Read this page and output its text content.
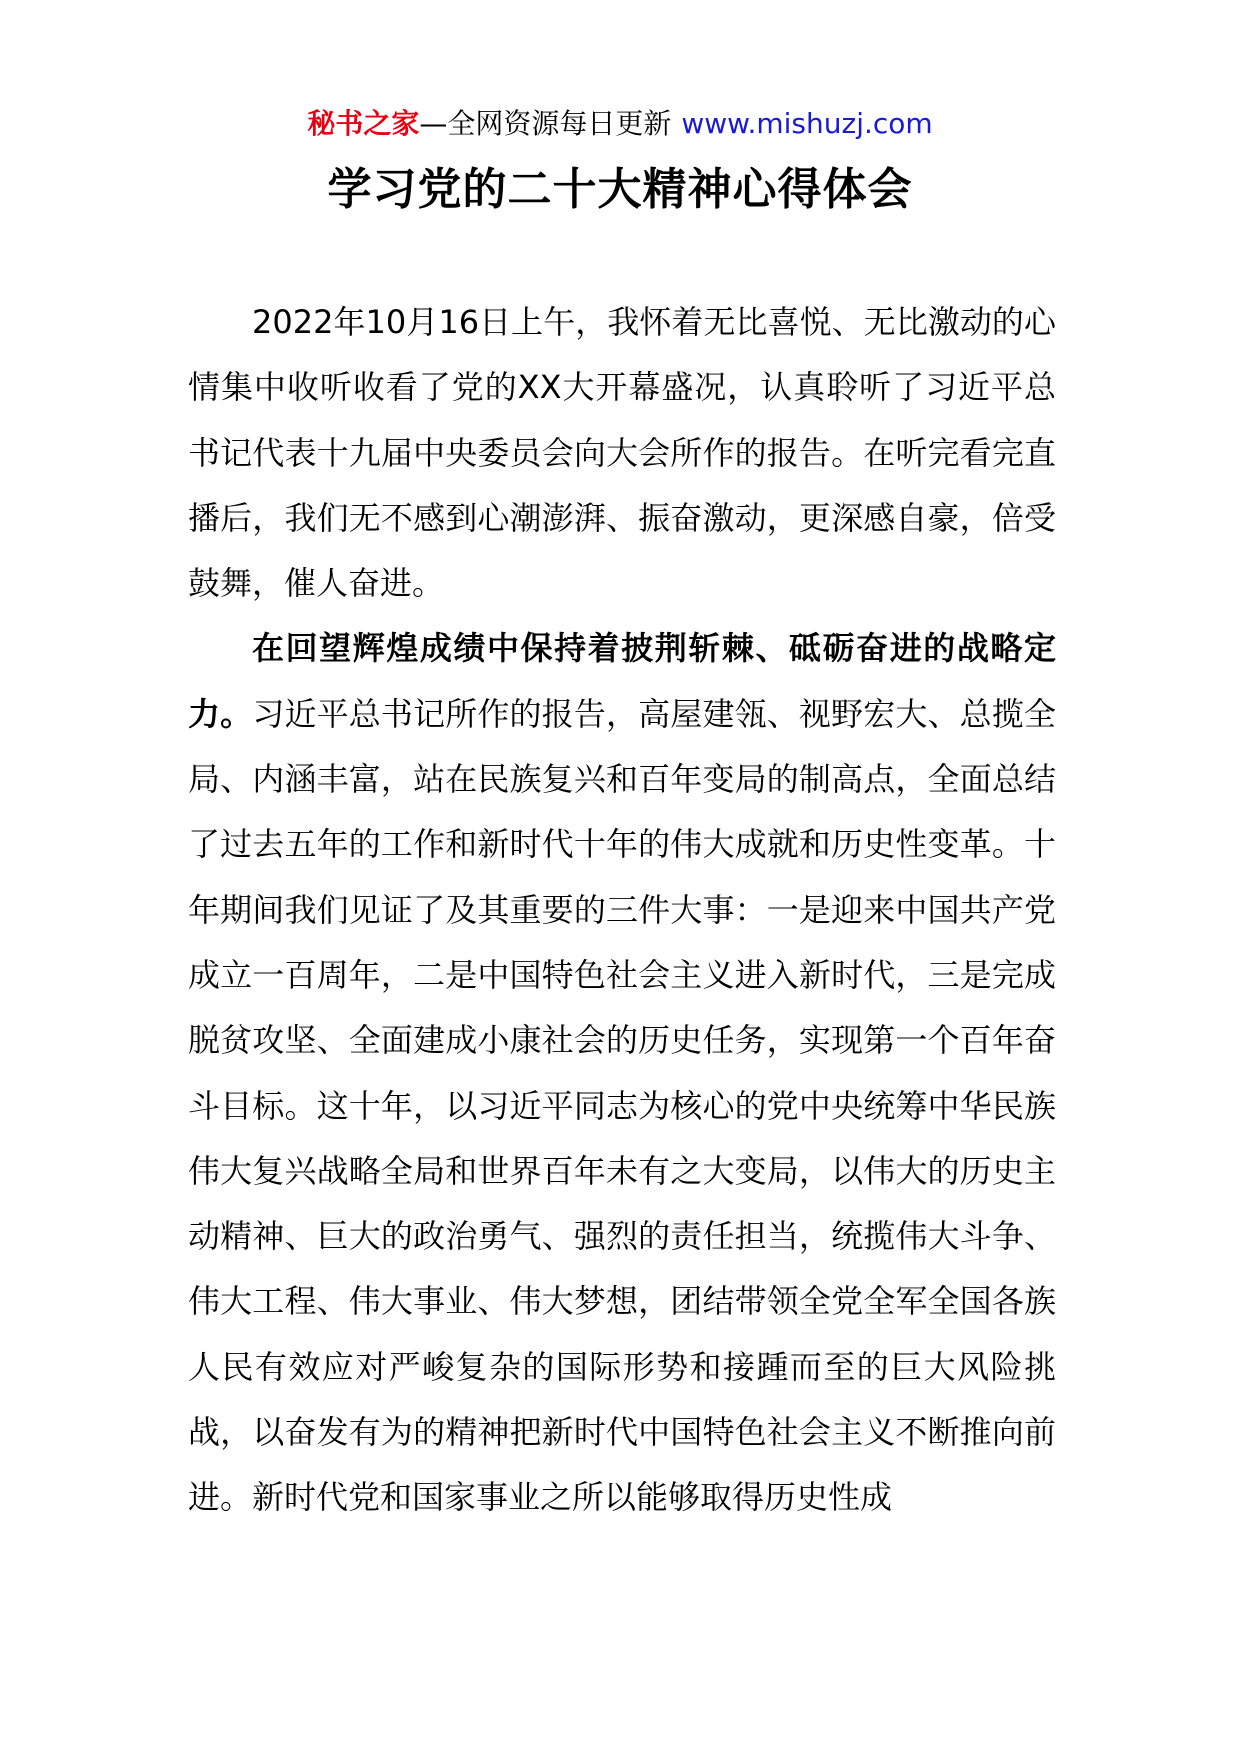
秘书之家—全网资源每日更新 www.mishuzj.com
学习党的二十大精神心得体会

2022年10月16日上午，我怀着无比喜悦、无比激动的心情集中收听收看了党的XX大开幕盛况，认真聆听了习近平总书记代表十九届中央委员会向大会所作的报告。在听完看完直播后，我们无不感到心潮澎湃、振奋激动，更深感自豪，倍受鼓舞，催人奋进。

在回望辉煌成绩中保持着披荆斩棘、砥砺奋进的战略定力。习近平总书记所作的报告，高屋建瓴、视野宏大、总揽全局、内涵丰富，站在民族复兴和百年变局的制高点，全面总结了过去五年的工作和新时代十年的伟大成就和历史性变革。十年期间我们见证了及其重要的三件大事：一是迎来中国共产党成立一百周年，二是中国特色社会主义进入新时代，三是完成脱贫攻坚、全面建成小康社会的历史任务，实现第一个百年奋斗目标。这十年，以习近平同志为核心的党中央统筹中华民族伟大复兴战略全局和世界百年未有之大变局，以伟大的历史主动精神、巨大的政治勇气、强烈的责任担当，统揽伟大斗争、伟大工程、伟大事业、伟大梦想，团结带领全党全军全国各族人民有效应对严峻复杂的国际形势和接踵而至的巨大风险挑战，以奋发有为的精神把新时代中国特色社会主义不断推向前进。新时代党和国家事业之所以能够取得历史性成
